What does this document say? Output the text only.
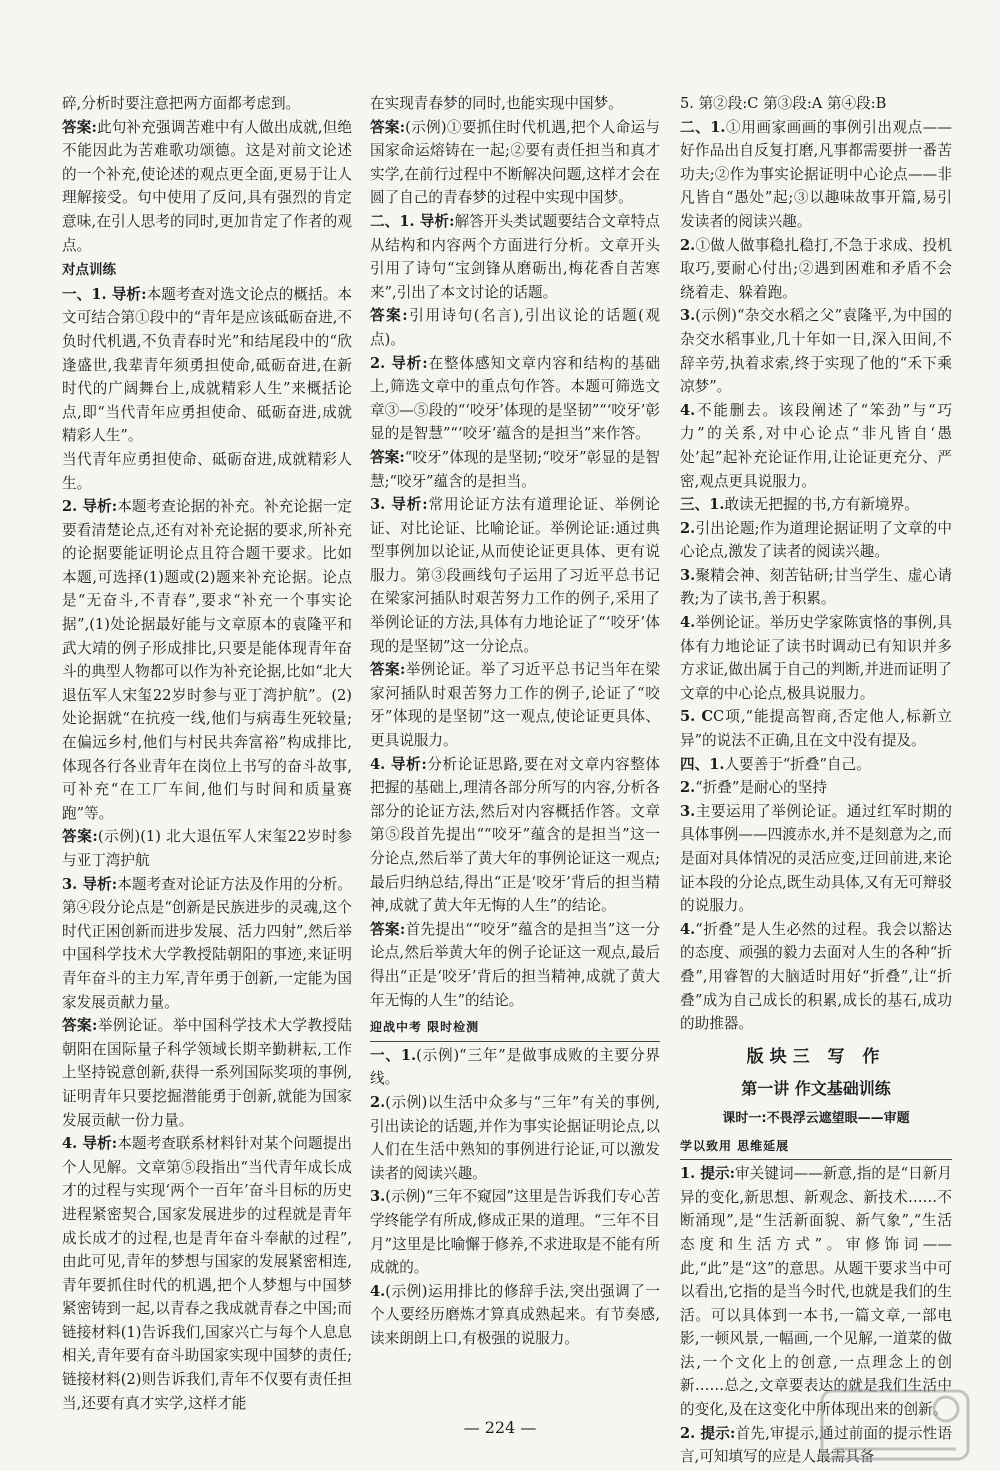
碎,分析时要注意把两方面都考虑到。

答案:此句补充强调苦难中有人做出成就,但绝不能因此为苦难歌功颂德。这是对前文论述的一个补充,使论述的观点更全面,更易于让人理解接受。句中使用了反问,具有强烈的肯定意味,在引人思考的同时,更加肯定了作者的观点。

对点训练

一、1. 导析:本题考查对选文论点的概括。本文可结合第①段中的“青年是应该砥砺奋进,不负时代机遇,不负青春时光”和结尾段中的“欣逢盛世,我辈青年须勇担使命,砥砺奋进,在新时代的广阔舞台上,成就精彩人生”来概括论点,即“当代青年应勇担使命、砥砺奋进,成就精彩人生”。

当代青年应勇担使命、砥砺奋进,成就精彩人生。

2. 导析:本题考查论据的补充。补充论据一定要看清楚论点,还有对补充论据的要求,所补充的论据要能证明论点且符合题干要求。比如本题,可选择(1)题或(2)题来补充论据。论点是“无奋斗,不青春”,要求“补充一个事实论据”,(1)处论据最好能与文章原本的袁隆平和武大靖的例子形成排比,只要是能体现青年奋斗的典型人物都可以作为补充论据,比如“北大退伍军人宋玺22岁时参与亚丁湾护航”。(2)处论据就“在抗疫一线,他们与病毒生死较量;在偏远乡村,他们与村民共奔富裕”构成排比,体现各行各业青年在岗位上书写的奋斗故事,可补充“在工厂车间,他们与时间和质量赛跑”等。

答案:(示例)(1) 北大退伍军人宋玺22岁时参与亚丁湾护航

3. 导析:本题考查对论证方法及作用的分析。第④段分论点是“创新是民族进步的灵魂,这个时代正困创新而进步发展、活力四射”,然后举中国科学技术大学教授陆朝阳的事迹,来证明青年奋斗的主力军,青年勇于创新,一定能为国家发展贡献力量。

答案:举例论证。举中国科学技术大学教授陆朝阳在国际量子科学领域长期辛勤耕耘,工作上坚持锐意创新,获得一系列国际奖项的事例,证明青年只要挖掘潜能勇于创新,就能为国家发展贡献一份力量。

4. 导析:本题考查联系材料针对某个问题提出个人见解。文章第⑤段指出“当代青年成长成才的过程与实现‘两个一百年’奋斗目标的历史进程紧密契合,国家发展进步的过程就是青年成长成才的过程,也是青年奋斗奉献的过程”,由此可见,青年的梦想与国家的发展紧密相连,青年要抓住时代的机遇,把个人梦想与中国梦紧密铸到一起,以青春之我成就青春之中国;而链接材料(1)告诉我们,国家兴亡与每个人息息相关,青年要有奋斗助国家实现中国梦的责任;链接材料(2)则告诉我们,青年不仅要有责任担当,还要有真才实学,这样才能

在实现青春梦的同时,也能实现中国梦。

答案:(示例)①要抓住时代机遇,把个人命运与国家命运熔铸在一起;②要有责任担当和真才实学,在前行过程中不断解决问题,这样才会在圆了自己的青春梦的过程中实现中国梦。

二、1. 导析:解答开头类试题要结合文章特点从结构和内容两个方面进行分析。文章开头引用了诗句“宝剑锋从磨砺出,梅花香自苦寒来”,引出了本文讨论的话题。

答案:引用诗句(名言),引出议论的话题(观点)。

2. 导析:在整体感知文章内容和结构的基础上,筛选文章中的重点句作答。本题可筛选文章③—⑤段的“‘咬牙’体现的是坚韧”“‘咬牙’彰显的是智慧”“‘咬牙’蕴含的是担当”来作答。

答案:“咬牙”体现的是坚韧;“咬牙”彰显的是智慧;“咬牙”蕴含的是担当。

3. 导析:常用论证方法有道理论证、举例论证、对比论证、比喻论证。举例论证:通过典型事例加以论证,从而使论证更具体、更有说服力。第③段画线句子运用了习近平总书记在梁家河插队时艰苦努力工作的例子,采用了举例论证的方法,具体有力地论证了“‘咬牙’体现的是坚韧”这一分论点。

答案:举例论证。举了习近平总书记当年在梁家河插队时艰苦努力工作的例子,论证了“咬牙”体现的是坚韧”这一观点,使论证更具体、更具说服力。

4. 导析:分析论证思路,要在对文章内容整体把握的基础上,理清各部分所写的内容,分析各部分的论证方法,然后对内容概括作答。文章第⑤段首先提出““咬牙”蕴含的是担当”这一分论点,然后举了黄大年的事例论证这一观点;最后归纳总结,得出“正是‘咬牙’背后的担当精神,成就了黄大年无悔的人生”的结论。

答案:首先提出““咬牙”蕴含的是担当”这一分论点,然后举黄大年的例子论证这一观点,最后得出“正是‘咬牙’背后的担当精神,成就了黄大年无悔的人生”的结论。

迎战中考 限时检测

一、1.(示例)“三年”是做事成败的主要分界线。

2.(示例)以生活中众多与“三年”有关的事例,引出读论的话题,并作为事实论据证明论点,以人们在生活中熟知的事例进行论证,可以激发读者的阅读兴趣。

3.(示例)“三年不窥园”这里是告诉我们专心苦学终能学有所成,修成正果的道理。“三年不目月”这里是比喻懈于修养,不求进取是不能有所成就的。

4.(示例)运用排比的修辞手法,突出强调了一个人要经历磨炼才算真成熟起来。有节奏感,读来朗朗上口,有极强的说服力。

5. 第②段:C 第③段:A 第④段:B

二、1.①用画家画画的事例引出观点——好作品出自反复打磨,凡事都需要拼一番苦功夫;②作为事实论据证明中心论点——非凡皆自“愚处”起;③以趣味故事开篇,易引发读者的阅读兴趣。

2.①做人做事稳扎稳打,不急于求成、投机取巧,要耐心付出;②遇到困难和矛盾不会绕着走、躲着跑。

3.(示例)“杂交水稻之父”袁隆平,为中国的杂交水稻事业,几十年如一日,深入田间,不辞辛劳,执着求索,终于实现了他的“禾下乘凉梦”。

4.不能删去。该段阐述了“笨劲”与“巧力”的关系,对中心论点“非凡皆自‘愚处’起”起补充论证作用,让论证更充分、严密,观点更具说服力。

三、1.敢读无把握的书,方有新境界。

2.引出论题;作为道理论据证明了文章的中心论点,激发了读者的阅读兴趣。

3.聚精会神、刻苦钻研;甘当学生、虚心请教;为了读书,善于积累。

4.举例论证。举历史学家陈寅恪的事例,具体有力地论证了读书时调动已有知识并多方求证,做出属于自己的判断,并进而证明了文章的中心论点,极具说服力。

5. CC项,“能提高智商,否定他人,标新立异”的说法不正确,且在文中没有提及。

四、1.人要善于“折叠”自己。

2.“折叠”是耐心的坚持

3.主要运用了举例论证。通过红军时期的具体事例——四渡赤水,并不是刻意为之,而是面对具体情况的灵活应变,迂回前进,来论证本段的分论点,既生动具体,又有无可辩驳的说服力。

4.“折叠”是人生必然的过程。我会以豁达的态度、顽强的毅力去面对人生的各种“折叠”,用睿智的大脑适时用好“折叠”,让“折叠”成为自己成长的积累,成长的基石,成功的助推器。

版块三 写 作
第一讲 作文基础训练
课时一:不畏浮云遮望眼——审题
学以致用 思维延展

1. 提示:审关键词——新意,指的是“日新月异的变化,新思想、新观念、新技术……不断涌现”,是“生活新面貌、新气象”,“生活态度和生活方式”。审修饰词——此,“此”是“这”的意思。从题干要求当中可以看出,它指的是当今时代,也就是我们的生活。可以具体到一本书,一篇文章,一部电影,一顿风景,一幅画,一个见解,一道菜的做法,一个文化上的创意,一点理念上的创新……总之,文章要表达的就是我们生活中的变化,及在这变化中所体现出来的创新。

2. 提示:首先,审提示,通过前面的提示性语言,可知填写的应是人最需具备

— 224 —
